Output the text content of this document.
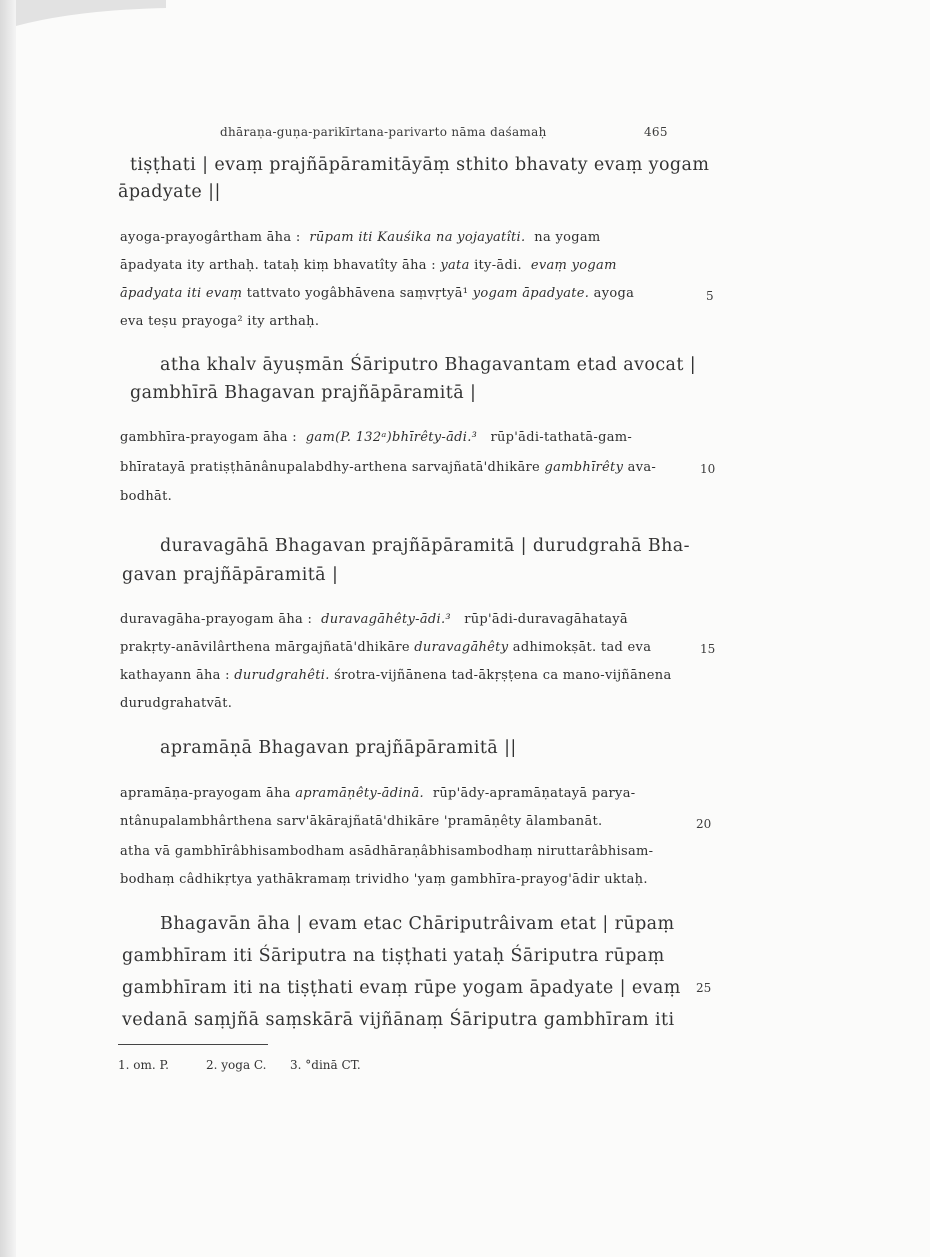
dhāraṇa-guṇa-parikīrtana-parivarto nāma daśamaḥ	465
tiṣṭhati | evaṃ prajñāpāramitāyāṃ sthito bhavaty evaṃ yogam
āpadyate ||
ayoga-prayogârtham āha : rūpam iti Kauśika na yojayatîti. na yogam
āpadyata ity arthaḥ. tataḥ kiṃ bhavatîty āha : yata ity-ādi. evaṃ yogam
āpadyata iti evaṃ tattvato yogâbhāvena saṃvṛtyā¹ yogam āpadyate. ayoga	5
eva teṣu prayoga² ity arthaḥ.
atha khalv āyuṣmān Śāriputro Bhagavantam etad avocat |
gambhīrā Bhagavan prajñāpāramitā |
gambhīra-prayogam āha : gam(P. 132ᵃ)bhīrêty-ādi.³ rūp'ādi-tathatā-gam-
bhīratayā pratiṣṭhānânupalabdhy-arthena sarvajñatā'dhikāre gambhīrêty ava-	10
bodhāt.
duravagāhā Bhagavan prajñāpāramitā | durudgrahā Bha-
gavan prajñāpāramitā |
duravagāha-prayogam āha : duravagāhêty-ādi.³ rūp'ādi-duravagāhatayā
prakṛty-anāvilârthena mārgajñatā'dhikāre duravagāhêty adhimokṣāt. tad eva	15
kathayann āha : durudgrahêti. śrotra-vijñānena tad-ākṛṣṭena ca mano-vijñānena
durudgrahatvāt.
apramāṇā Bhagavan prajñāpāramitā ||
apramāṇa-prayogam āha apramāṇêty-ādinā. rūp'ādy-apramāṇatayā parya-
ntânupalambhârthena sarv'ākārajñatā'dhikāre 'pramāṇêty ālambanāt.	20
atha vā gambhīrâbhisambodham asādhāraṇâbhisambodhaṃ niruttarâbhisam-
bodhaṃ câdhikṛtya yathākramaṃ trividho 'yaṃ gambhīra-prayog'ādir uktaḥ.
Bhagavān āha | evam etac Chāriputrâivam etat | rūpaṃ
gambhīram iti Śāriputra na tiṣṭhati yataḥ Śāriputra rūpaṃ
gambhīram iti na tiṣṭhati evaṃ rūpe yogam āpadyate | evaṃ 25
vedanā saṃjñā saṃskārā vijñānaṃ Śāriputra gambhīram iti
1. om. P.	2. yoga C. 3. °dinā CT.
